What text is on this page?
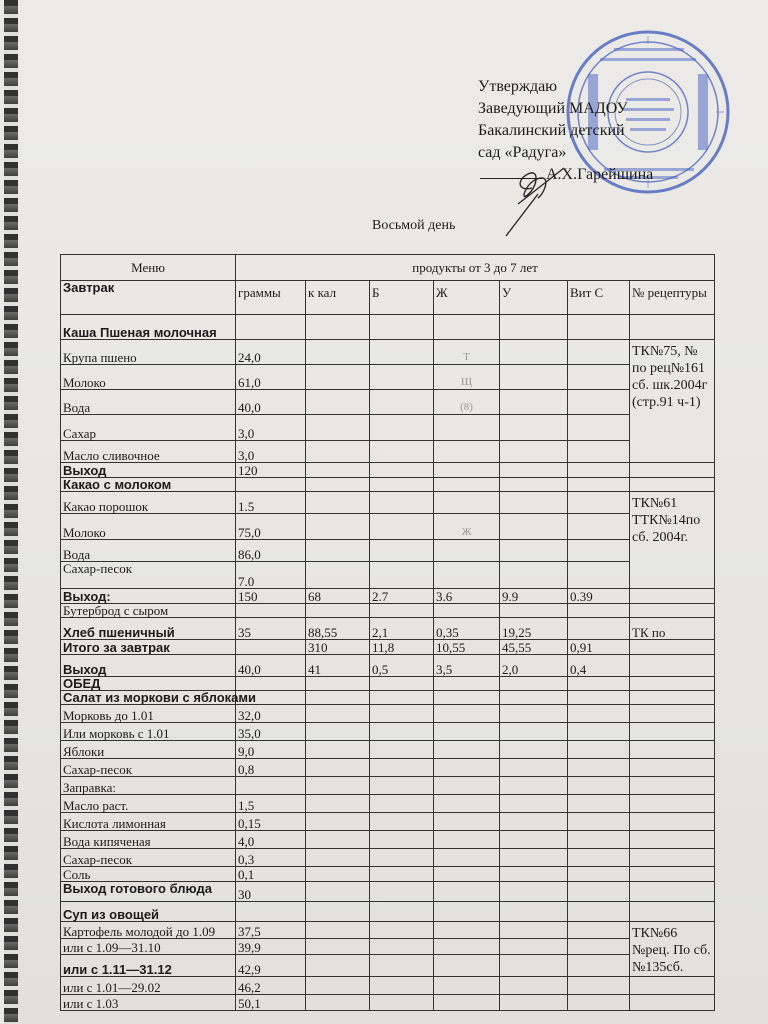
Утверждаю
Заведующий МАДОУ
Бакалинский детский
сад «Радуга»
А.Х.Гарейшина
Восьмой день
Меню	продукты от 3 до 7 лет						
Завтрак	граммы	к кал	Б	Ж	У	Вит С	№ рецептуры
Каша Пшеная молочная							
Крупа пшено	24,0			Т			ТК№75, № по рец№161 сб. шк.2004г (стр.91 ч-1)
Молоко	61,0			Щ			
Вода	40,0			(8)			
Сахар	3,0						
Масло сливочное	3,0						
Выход	120						
Какао с молоком							
Какао порошок	1.5						ТК№61 ТТК№14по сб. 2004г.
Молоко	75,0			Ж			
Вода	86,0						
Сахар-песок	7.0						
Выход:	150	68	2.7	3.6	9.9	0.39	
Бутерброд с сыром							
Хлеб пшеничный	35	88,55	2,1	0,35	19,25		ТК по
Итого за завтрак		310	11,8	10,55	45,55	0,91	
Выход	40,0	41	0,5	3,5	2,0	0,4	
ОБЕД							
Салат из моркови с яблоками							
Морковь до 1.01	32,0						
Или морковь с 1.01	35,0						
Яблоки	9,0						
Сахар-песок	0,8						
Заправка:							
Масло раст.	1,5						
Кислота лимонная	0,15						
Вода кипяченая	4,0						
Сахар-песок	0,3						
Соль	0,1						
Выход готового блюда	30						
Суп из овощей							
Картофель молодой до 1.09	37,5						ТК№66 №рец. По сб. №135сб.
или с 1.09—31.10	39,9						
или с 1.11—31.12	42,9						
или с 1.01—29.02	46,2						
или с 1.03	50,1						
